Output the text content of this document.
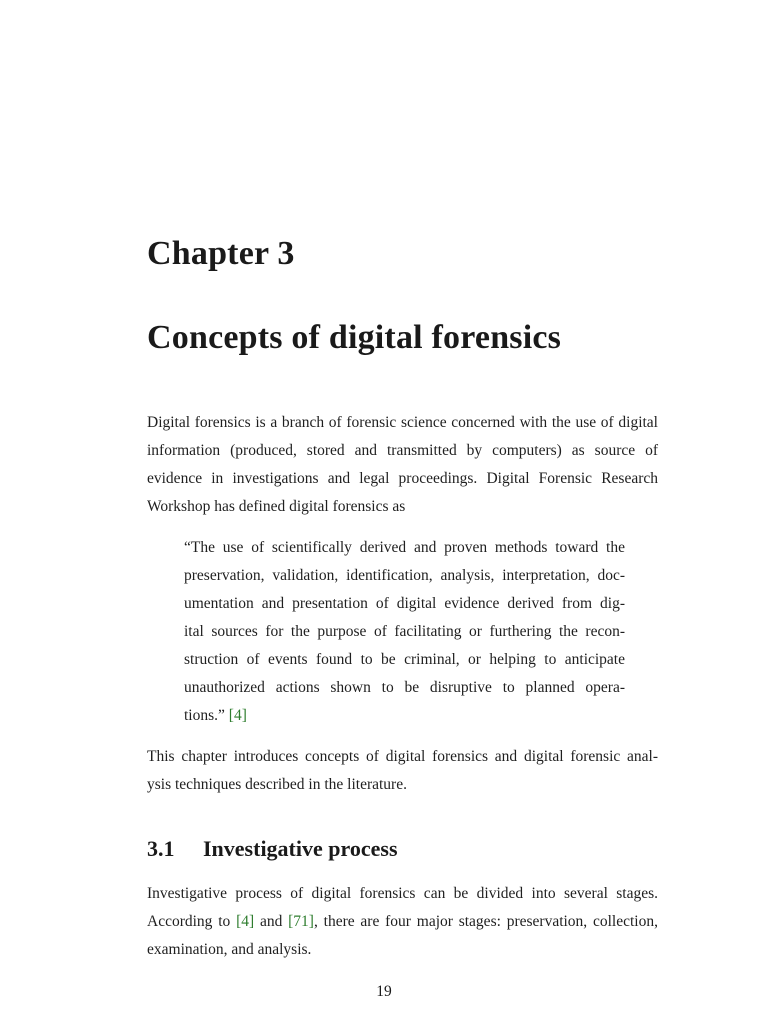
Chapter 3
Concepts of digital forensics
Digital forensics is a branch of forensic science concerned with the use of digital
information (produced, stored and transmitted by computers) as source of
evidence in investigations and legal proceedings. Digital Forensic Research
Workshop has defined digital forensics as
“The use of scientifically derived and proven methods toward the
preservation, validation, identification, analysis, interpretation, doc-
umentation and presentation of digital evidence derived from dig-
ital sources for the purpose of facilitating or furthering the recon-
struction of events found to be criminal, or helping to anticipate
unauthorized actions shown to be disruptive to planned opera-
tions.” [4]
This chapter introduces concepts of digital forensics and digital forensic anal-
ysis techniques described in the literature.
3.1 Investigative process
Investigative process of digital forensics can be divided into several stages.
According to [4] and [71], there are four major stages: preservation, collection,
examination, and analysis.
19
